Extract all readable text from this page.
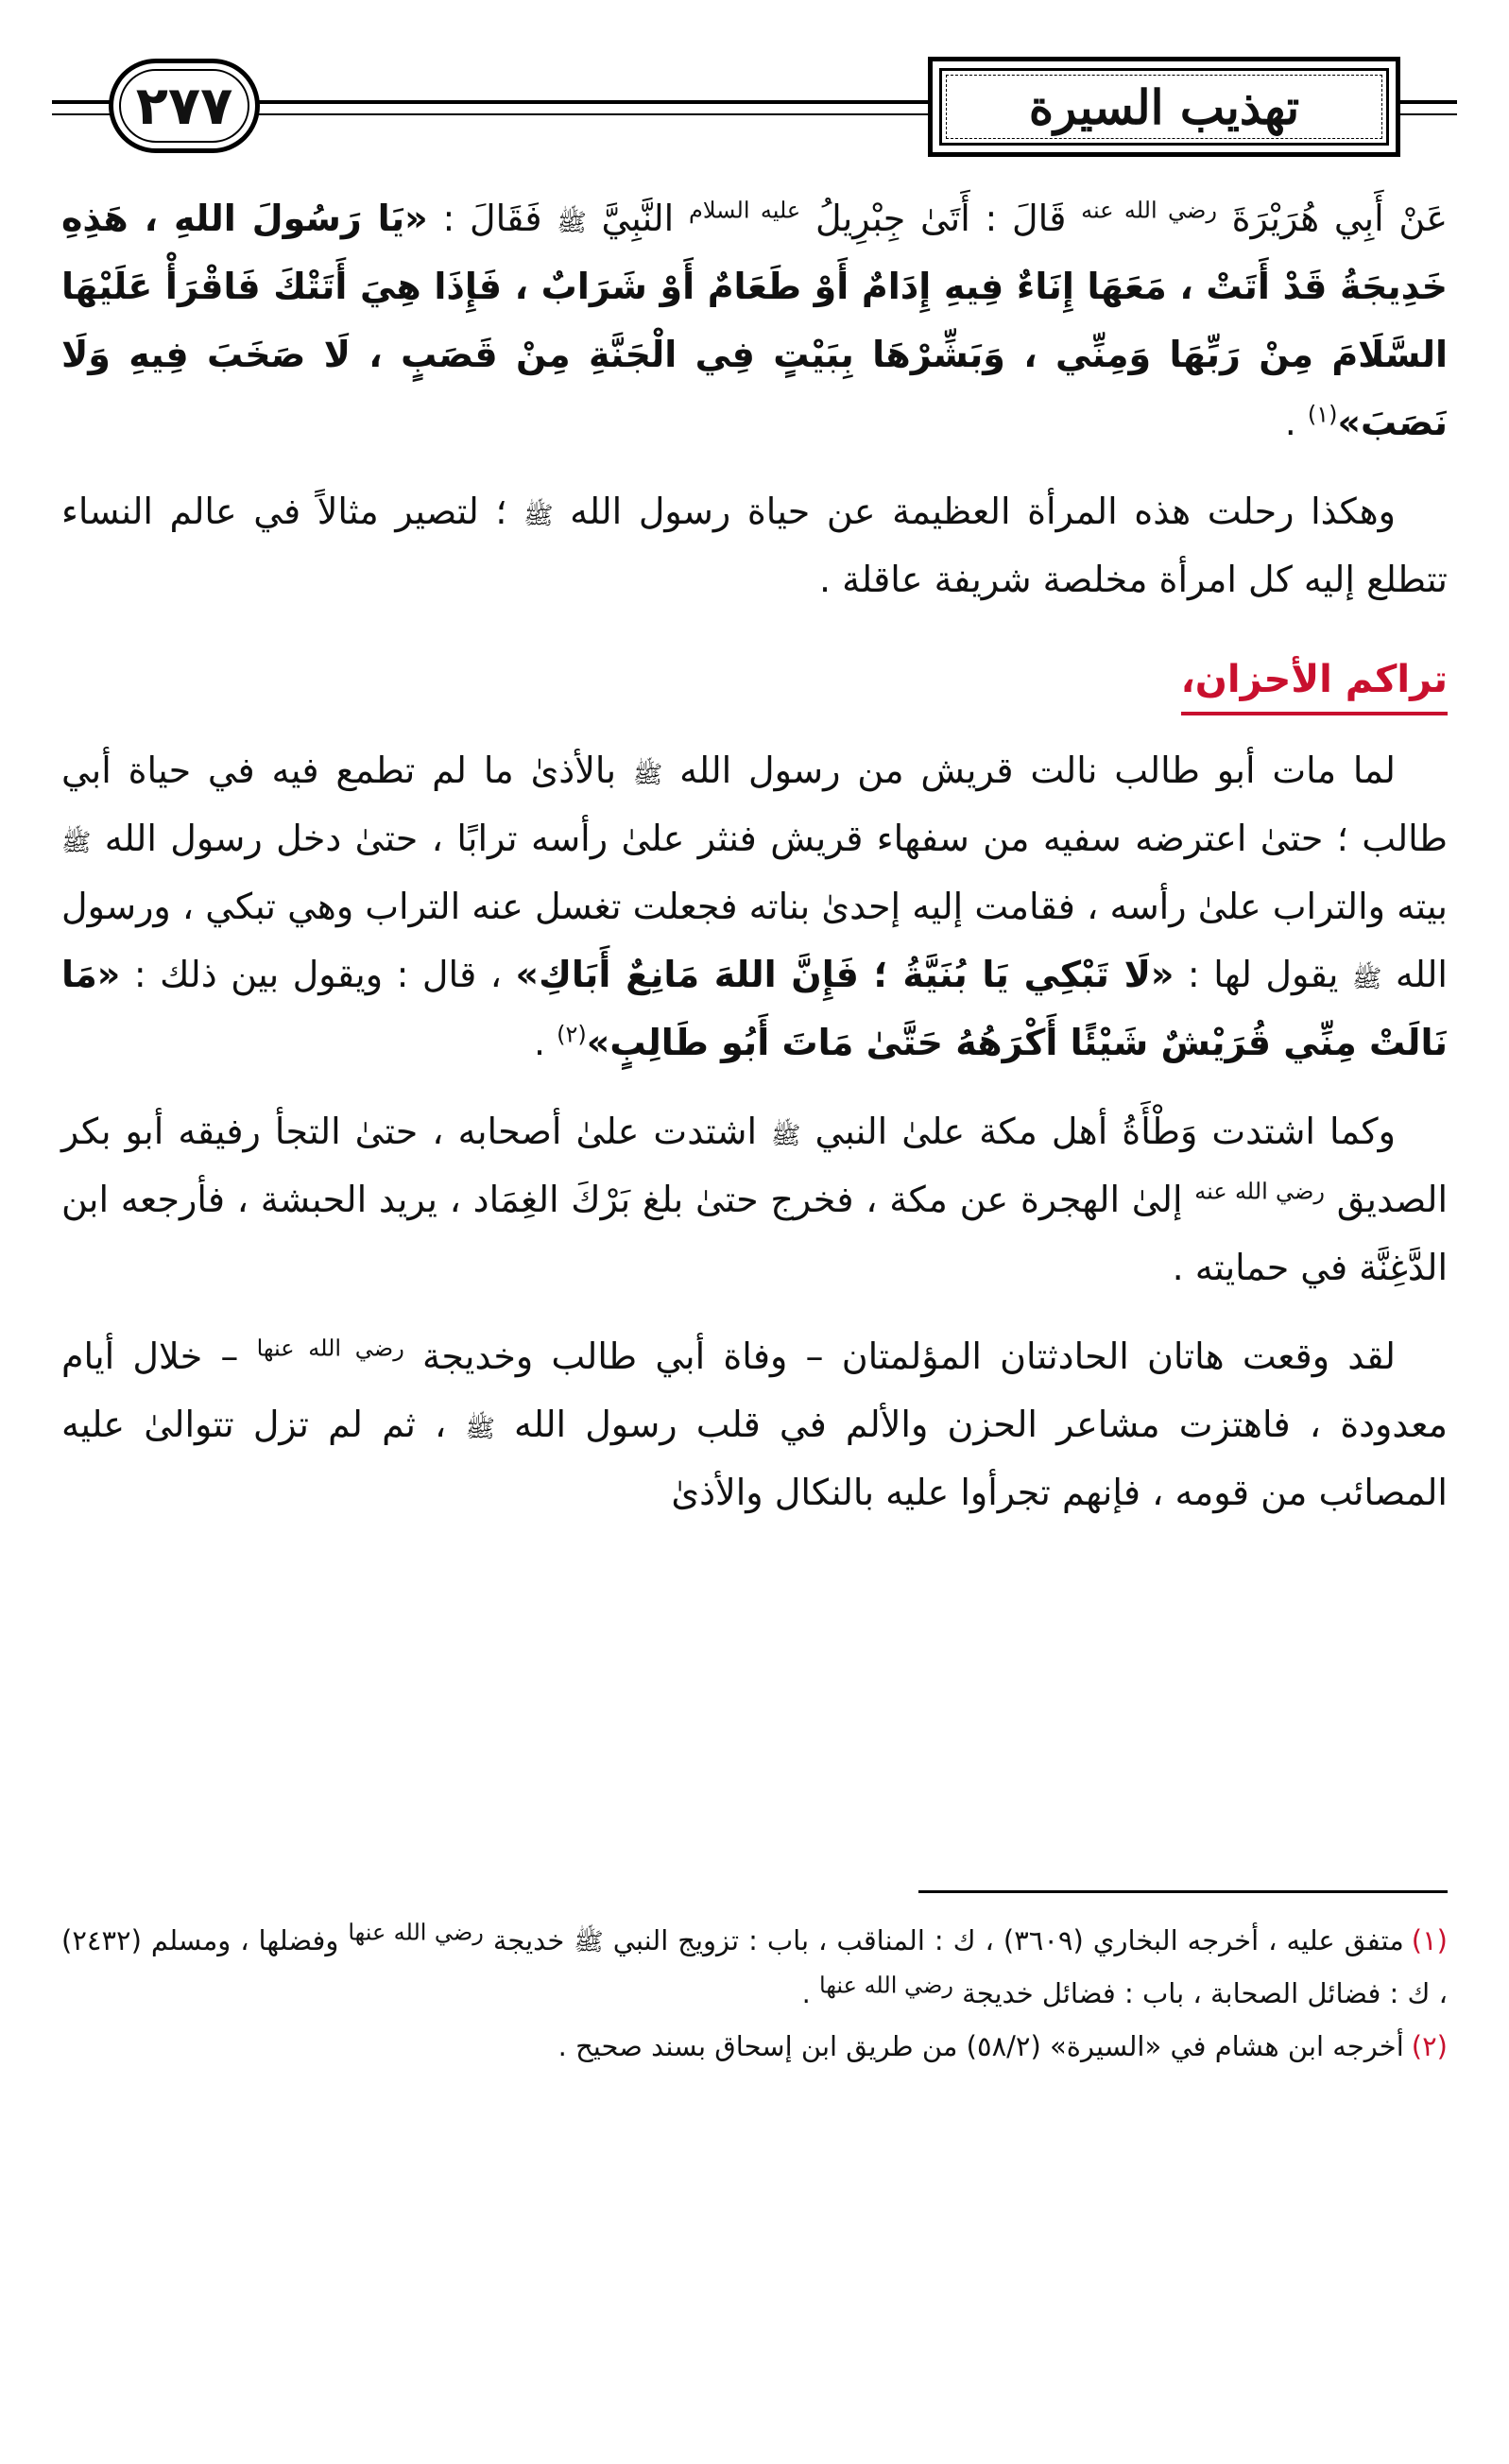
٢٧٧	تهذيب السيرة

عَنْ أَبِي هُرَيْرَةَ $^{رضي الله عنه}$ قَالَ : أَتَىٰ جِبْرِيلُ $^{عليه السلام}$ النَّبِيَّ ﷺ فَقَالَ : «يَا رَسُولَ اللهِ ، هَذِهِ خَدِيجَةُ قَدْ أَتَتْ ، مَعَهَا إِنَاءٌ فِيهِ إِدَامٌ أَوْ طَعَامٌ أَوْ شَرَابٌ ، فَإِذَا هِيَ أَتَتْكَ فَاقْرَأْ عَلَيْهَا السَّلَامَ مِنْ رَبِّهَا وَمِنِّي ، وَبَشِّرْهَا بِبَيْتٍ فِي الْجَنَّةِ مِنْ قَصَبٍ ، لَا صَخَبَ فِيهِ وَلَا نَصَبَ»$^{(١)}$ .

وهكذا رحلت هذه المرأة العظيمة عن حياة رسول الله ﷺ ؛ لتصير مثالاً في عالم النساء تتطلع إليه كل امرأة مخلصة شريفة عاقلة .

تراكم الأحزان،

لما مات أبو طالب نالت قريش من رسول الله ﷺ بالأذىٰ ما لم تطمع فيه في حياة أبي طالب ؛ حتىٰ اعترضه سفيه من سفهاء قريش فنثر علىٰ رأسه ترابًا ، حتىٰ دخل رسول الله ﷺ بيته والتراب علىٰ رأسه ، فقامت إليه إحدىٰ بناته فجعلت تغسل عنه التراب وهي تبكي ، ورسول الله ﷺ يقول لها : «لَا تَبْكِي يَا بُنَيَّةُ ؛ فَإِنَّ اللهَ مَانِعٌ أَبَاكِ» ، قال : ويقول بين ذلك : «مَا نَالَتْ مِنِّي قُرَيْشٌ شَيْئًا أَكْرَهُهُ حَتَّىٰ مَاتَ أَبُو طَالِبٍ»$^{(٢)}$ .

وكما اشتدت وَطْأَةُ أهل مكة علىٰ النبي ﷺ اشتدت علىٰ أصحابه ، حتىٰ التجأ رفيقه أبو بكر الصديق $^{رضي الله عنه}$ إلىٰ الهجرة عن مكة ، فخرج حتىٰ بلغ بَرْكَ الغِمَاد ، يريد الحبشة ، فأرجعه ابن الدَّغِنَّة في حمايته .

لقد وقعت هاتان الحادثتان المؤلمتان – وفاة أبي طالب وخديجة $^{رضي الله عنها}$ – خلال أيام معدودة ، فاهتزت مشاعر الحزن والألم في قلب رسول الله ﷺ ، ثم لم تزل تتوالىٰ عليه المصائب من قومه ، فإنهم تجرأوا عليه بالنكال والأذىٰ

(١)متفق عليه ، أخرجه البخاري (٣٦٠٩) ، ك : المناقب ، باب : تزويج النبي ﷺ خديجة $^{رضي الله عنها}$ وفضلها ، ومسلم (٢٤٣٢) ، ك : فضائل الصحابة ، باب : فضائل خديجة $^{رضي الله عنها}$ .

(٢)أخرجه ابن هشام في «السيرة» (٥٨/٢) من طريق ابن إسحاق بسند صحيح .
